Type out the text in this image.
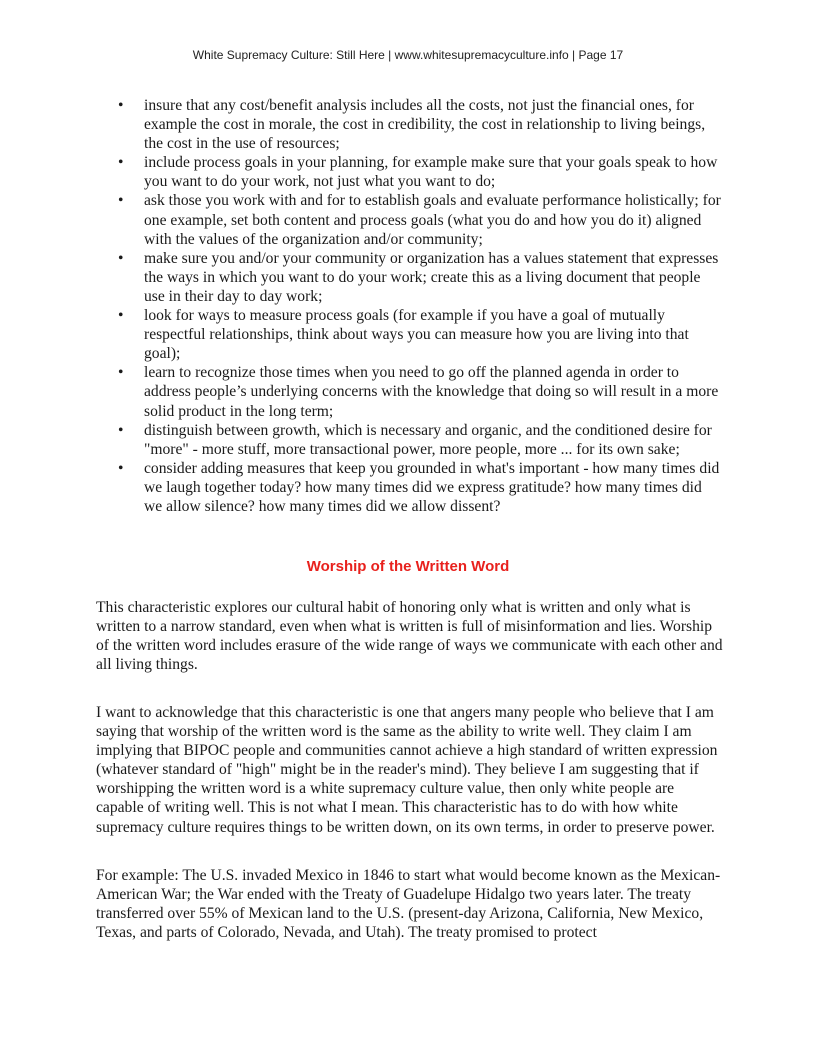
White Supremacy Culture: Still Here | www.whitesupremacyculture.info | Page 17
• insure that any cost/benefit analysis includes all the costs, not just the financial ones, for example the cost in morale, the cost in credibility, the cost in relationship to living beings, the cost in the use of resources;
• include process goals in your planning, for example make sure that your goals speak to how you want to do your work, not just what you want to do;
• ask those you work with and for to establish goals and evaluate performance holistically; for one example, set both content and process goals (what you do and how you do it) aligned with the values of the organization and/or community;
• make sure you and/or your community or organization has a values statement that expresses the ways in which you want to do your work; create this as a living document that people use in their day to day work;
• look for ways to measure process goals (for example if you have a goal of mutually respectful relationships, think about ways you can measure how you are living into that goal);
• learn to recognize those times when you need to go off the planned agenda in order to address people’s underlying concerns with the knowledge that doing so will result in a more solid product in the long term;
• distinguish between growth, which is necessary and organic, and the conditioned desire for "more" - more stuff, more transactional power, more people, more ... for its own sake;
• consider adding measures that keep you grounded in what's important - how many times did we laugh together today? how many times did we express gratitude? how many times did we allow silence? how many times did we allow dissent?
Worship of the Written Word

This characteristic explores our cultural habit of honoring only what is written and only what is written to a narrow standard, even when what is written is full of misinformation and lies. Worship of the written word includes erasure of the wide range of ways we communicate with each other and all living things.

I want to acknowledge that this characteristic is one that angers many people who believe that I am saying that worship of the written word is the same as the ability to write well. They claim I am implying that BIPOC people and communities cannot achieve a high standard of written expression (whatever standard of "high" might be in the reader's mind). They believe I am suggesting that if worshipping the written word is a white supremacy culture value, then only white people are capable of writing well. This is not what I mean. This characteristic has to do with how white supremacy culture requires things to be written down, on its own terms, in order to preserve power.

For example: The U.S. invaded Mexico in 1846 to start what would become known as the Mexican-American War; the War ended with the Treaty of Guadelupe Hidalgo two years later. The treaty transferred over 55% of Mexican land to the U.S. (present-day Arizona, California, New Mexico, Texas, and parts of Colorado, Nevada, and Utah). The treaty promised to protect
